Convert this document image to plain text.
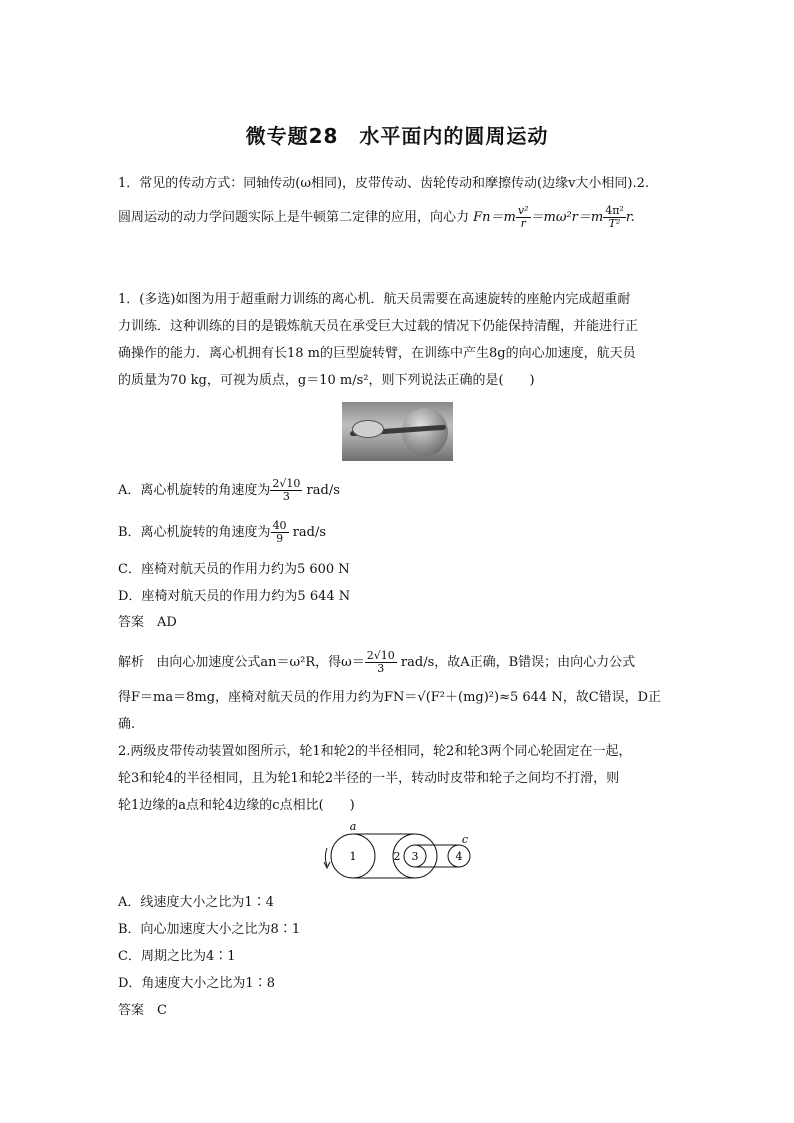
微专题28　水平面内的圆周运动
1．常见的传动方式：同轴传动(ω相同)，皮带传动、齿轮传动和摩擦传动(边缘v大小相同).2.
圆周运动的动力学问题实际上是牛顿第二定律的应用，向心力 $Fn=m \frac{\text{v²}}{r} =m\omega^2r=m \frac{\text{4π²}}{\text{T²}} r$.
1．(多选)如图为用于超重耐力训练的离心机．航天员需要在高速旋转的座舱内完成超重耐
力训练．这种训练的目的是锻炼航天员在承受巨大过载的情况下仍能保持清醒，并能进行正
确操作的能力．离心机拥有长18 m的巨型旋转臂，在训练中产生8g的向心加速度，航天员
的质量为70 kg，可视为质点，g＝10 m/s²，则下列说法正确的是(　　)
A．离心机旋转的角速度为 $\frac{2√10}{3} rad/s$
B．离心机旋转的角速度为 $\frac{40}{9} rad/s$
C．座椅对航天员的作用力约为5 600 N
D．座椅对航天员的作用力约为5 644 N
答案　AD
解析 由向心加速度公式an＝ω²R，得$\omega= \frac{2√10}{3} rad/s$，故A正确，B错误；由向心力公式
得F＝ma＝8mg，座椅对航天员的作用力约为FN＝√(F²＋(mg)²)≈5 644 N，故C错误，D正
确.
2.两级皮带传动装置如图所示，轮1和轮2的半径相同，轮2和轮3两个同心轮固定在一起，
轮3和轮4的半径相同，且为轮1和轮2半径的一半，转动时皮带和轮子之间均不打滑，则
轮1边缘的a点和轮4边缘的c点相比(　　)
1	2 3	4
a
c
A．线速度大小之比为1∶4
B．向心加速度大小之比为8∶1
C．周期之比为4∶1
D．角速度大小之比为1∶8
答案　C
